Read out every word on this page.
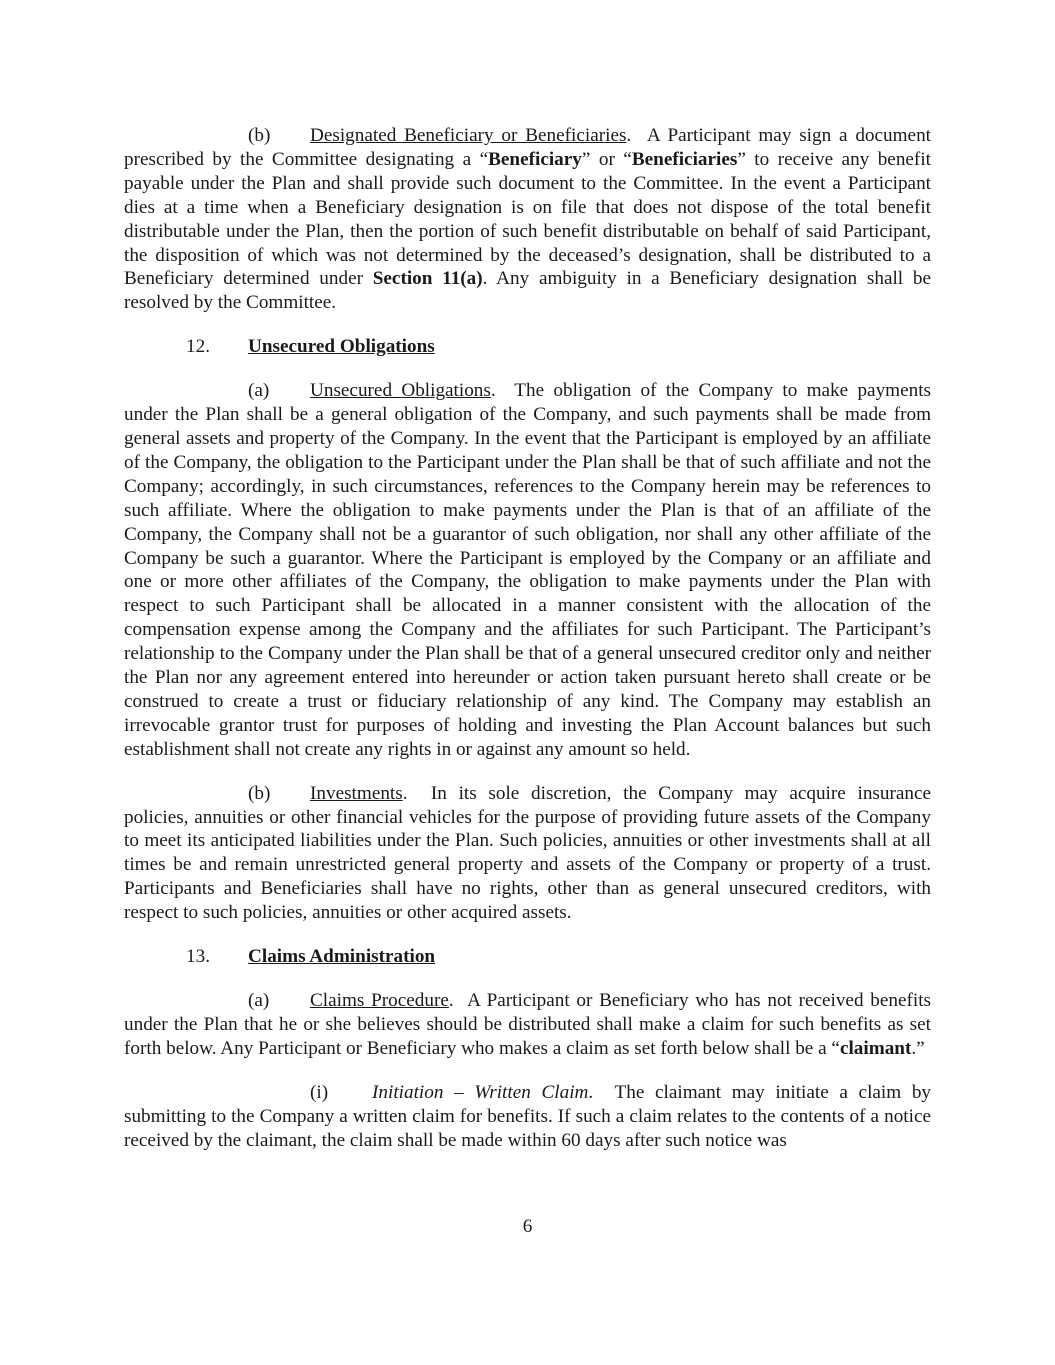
(b) Designated Beneficiary or Beneficiaries. A Participant may sign a document prescribed by the Committee designating a “Beneficiary” or “Beneficiaries” to receive any benefit payable under the Plan and shall provide such document to the Committee. In the event a Participant dies at a time when a Beneficiary designation is on file that does not dispose of the total benefit distributable under the Plan, then the portion of such benefit distributable on behalf of said Participant, the disposition of which was not determined by the deceased’s designation, shall be distributed to a Beneficiary determined under Section 11(a). Any ambiguity in a Beneficiary designation shall be resolved by the Committee.

12. Unsecured Obligations

(a) Unsecured Obligations. The obligation of the Company to make payments under the Plan shall be a general obligation of the Company, and such payments shall be made from general assets and property of the Company. In the event that the Participant is employed by an affiliate of the Company, the obligation to the Participant under the Plan shall be that of such affiliate and not the Company; accordingly, in such circumstances, references to the Company herein may be references to such affiliate. Where the obligation to make payments under the Plan is that of an affiliate of the Company, the Company shall not be a guarantor of such obligation, nor shall any other affiliate of the Company be such a guarantor. Where the Participant is employed by the Company or an affiliate and one or more other affiliates of the Company, the obligation to make payments under the Plan with respect to such Participant shall be allocated in a manner consistent with the allocation of the compensation expense among the Company and the affiliates for such Participant. The Participant’s relationship to the Company under the Plan shall be that of a general unsecured creditor only and neither the Plan nor any agreement entered into hereunder or action taken pursuant hereto shall create or be construed to create a trust or fiduciary relationship of any kind. The Company may establish an irrevocable grantor trust for purposes of holding and investing the Plan Account balances but such establishment shall not create any rights in or against any amount so held.

(b) Investments. In its sole discretion, the Company may acquire insurance policies, annuities or other financial vehicles for the purpose of providing future assets of the Company to meet its anticipated liabilities under the Plan. Such policies, annuities or other investments shall at all times be and remain unrestricted general property and assets of the Company or property of a trust. Participants and Beneficiaries shall have no rights, other than as general unsecured creditors, with respect to such policies, annuities or other acquired assets.

13. Claims Administration

(a) Claims Procedure. A Participant or Beneficiary who has not received benefits under the Plan that he or she believes should be distributed shall make a claim for such benefits as set forth below. Any Participant or Beneficiary who makes a claim as set forth below shall be a “claimant.”

(i) Initiation – Written Claim. The claimant may initiate a claim by submitting to the Company a written claim for benefits. If such a claim relates to the contents of a notice received by the claimant, the claim shall be made within 60 days after such notice was

6
